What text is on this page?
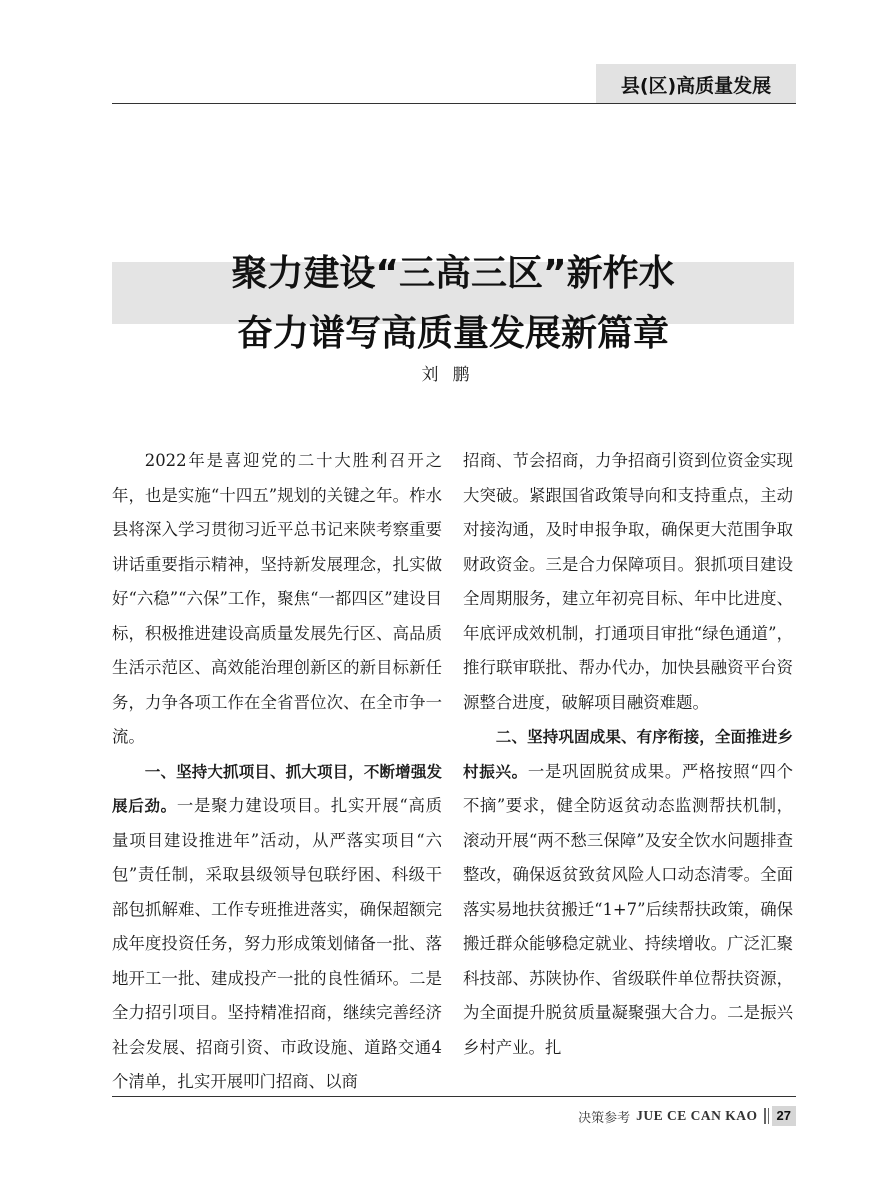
县(区)高质量发展
聚力建设“三高三区”新柞水
奋力谱写高质量发展新篇章
刘鹏

2022年是喜迎党的二十大胜利召开之年，也是实施“十四五”规划的关键之年。柞水县将深入学习贯彻习近平总书记来陕考察重要讲话重要指示精神，坚持新发展理念，扎实做好“六稳”“六保”工作，聚焦“一都四区”建设目标，积极推进建设高质量发展先行区、高品质生活示范区、高效能治理创新区的新目标新任务，力争各项工作在全省晋位次、在全市争一流。

一、坚持大抓项目、抓大项目，不断增强发展后劲。一是聚力建设项目。扎实开展“高质量项目建设推进年”活动，从严落实项目“六包”责任制，采取县级领导包联纾困、科级干部包抓解难、工作专班推进落实，确保超额完成年度投资任务，努力形成策划储备一批、落地开工一批、建成投产一批的良性循环。二是全力招引项目。坚持精准招商，继续完善经济社会发展、招商引资、市政设施、道路交通4个清单，扎实开展叩门招商、以商

招商、节会招商，力争招商引资到位资金实现大突破。紧跟国省政策导向和支持重点，主动对接沟通，及时申报争取，确保更大范围争取财政资金。三是合力保障项目。狠抓项目建设全周期服务，建立年初亮目标、年中比进度、年底评成效机制，打通项目审批“绿色通道”，推行联审联批、帮办代办，加快县融资平台资源整合进度，破解项目融资难题。

二、坚持巩固成果、有序衔接，全面推进乡村振兴。一是巩固脱贫成果。严格按照“四个不摘”要求，健全防返贫动态监测帮扶机制，滚动开展“两不愁三保障”及安全饮水问题排查整改，确保返贫致贫风险人口动态清零。全面落实易地扶贫搬迁“1+7”后续帮扶政策，确保搬迁群众能够稳定就业、持续增收。广泛汇聚科技部、苏陕协作、省级联件单位帮扶资源，为全面提升脱贫质量凝聚强大合力。二是振兴乡村产业。扎

决策参考 JUE CE CAN KAO	27
